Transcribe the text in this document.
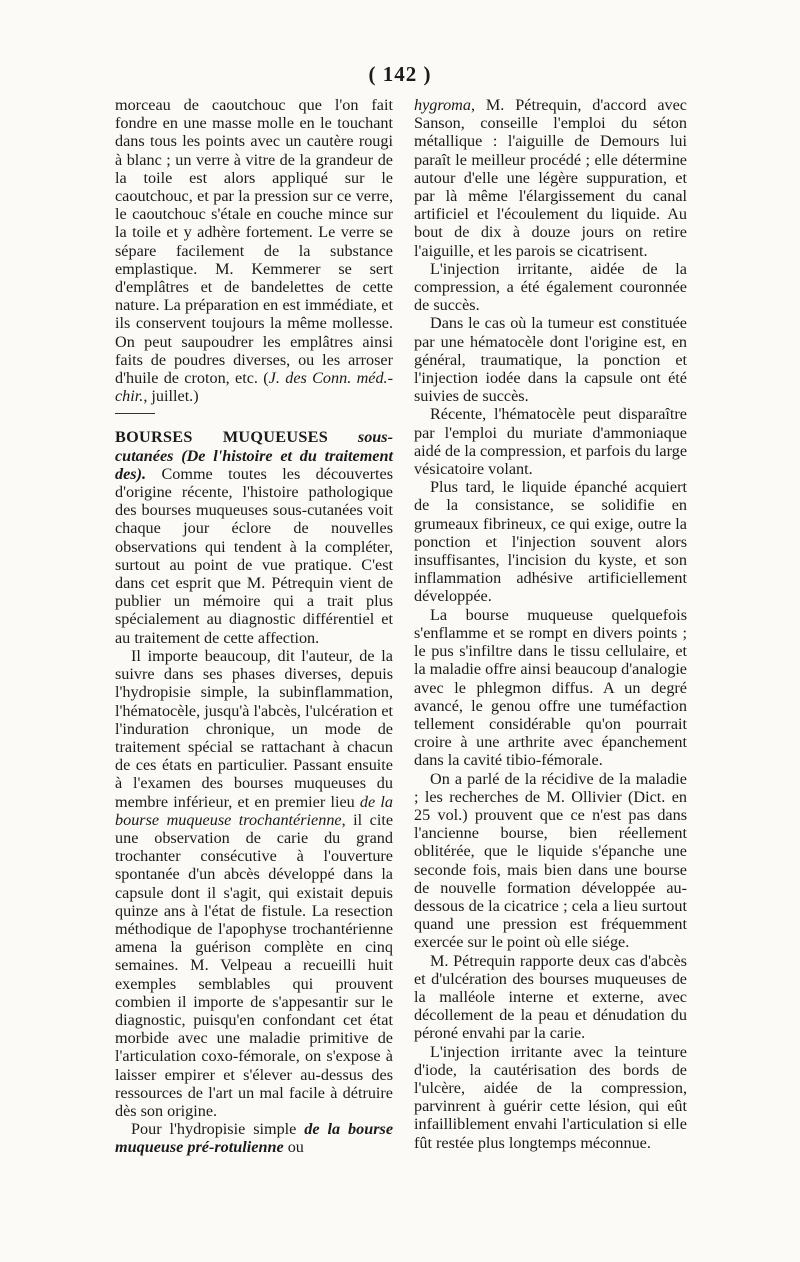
( 142 )

morceau de caoutchouc que l'on fait fondre en une masse molle en le touchant dans tous les points avec un cautère rougi à blanc ; un verre à vitre de la grandeur de la toile est alors appliqué sur le caoutchouc, et par la pression sur ce verre, le caoutchouc s'étale en couche mince sur la toile et y adhère fortement. Le verre se sépare facilement de la substance emplastique. M. Kemmerer se sert d'emplâtres et de bandelettes de cette nature. La préparation en est immédiate, et ils conservent toujours la même mollesse. On peut saupoudrer les emplâtres ainsi faits de poudres diverses, ou les arroser d'huile de croton, etc. (J. des Conn. méd.-chir., juillet.)

BOURSES MUQUEUSES sous-cutanées (De l'histoire et du traitement des). Comme toutes les découvertes d'origine récente, l'histoire pathologique des bourses muqueuses sous-cutanées voit chaque jour éclore de nouvelles observations qui tendent à la compléter, surtout au point de vue pratique. C'est dans cet esprit que M. Pétrequin vient de publier un mémoire qui a trait plus spécialement au diagnostic différentiel et au traitement de cette affection.

Il importe beaucoup, dit l'auteur, de la suivre dans ses phases diverses, depuis l'hydropisie simple, la subinflammation, l'hématocèle, jusqu'à l'abcès, l'ulcération et l'induration chronique, un mode de traitement spécial se rattachant à chacun de ces états en particulier. Passant ensuite à l'examen des bourses muqueuses du membre inférieur, et en premier lieu de la bourse muqueuse trochantérienne, il cite une observation de carie du grand trochanter consécutive à l'ouverture spontanée d'un abcès développé dans la capsule dont il s'agit, qui existait depuis quinze ans à l'état de fistule. La resection méthodique de l'apophyse trochantérienne amena la guérison complète en cinq semaines. M. Velpeau a recueilli huit exemples semblables qui prouvent combien il importe de s'appesantir sur le diagnostic, puisqu'en confondant cet état morbide avec une maladie primitive de l'articulation coxo-fémorale, on s'expose à laisser empirer et s'élever au-dessus des ressources de l'art un mal facile à détruire dès son origine.

Pour l'hydropisie simple de la bourse muqueuse pré-rotulienne ou

hygroma, M. Pétrequin, d'accord avec Sanson, conseille l'emploi du séton métallique : l'aiguille de Demours lui paraît le meilleur procédé ; elle détermine autour d'elle une légère suppuration, et par là même l'élargissement du canal artificiel et l'écoulement du liquide. Au bout de dix à douze jours on retire l'aiguille, et les parois se cicatrisent.

L'injection irritante, aidée de la compression, a été également couronnée de succès.

Dans le cas où la tumeur est constituée par une hématocèle dont l'origine est, en général, traumatique, la ponction et l'injection iodée dans la capsule ont été suivies de succès.

Récente, l'hématocèle peut disparaître par l'emploi du muriate d'ammoniaque aidé de la compression, et parfois du large vésicatoire volant.

Plus tard, le liquide épanché acquiert de la consistance, se solidifie en grumeaux fibrineux, ce qui exige, outre la ponction et l'injection souvent alors insuffisantes, l'incision du kyste, et son inflammation adhésive artificiellement développée.

La bourse muqueuse quelquefois s'enflamme et se rompt en divers points ; le pus s'infiltre dans le tissu cellulaire, et la maladie offre ainsi beaucoup d'analogie avec le phlegmon diffus. A un degré avancé, le genou offre une tuméfaction tellement considérable qu'on pourrait croire à une arthrite avec épanchement dans la cavité tibio-fémorale.

On a parlé de la récidive de la maladie ; les recherches de M. Ollivier (Dict. en 25 vol.) prouvent que ce n'est pas dans l'ancienne bourse, bien réellement oblitérée, que le liquide s'épanche une seconde fois, mais bien dans une bourse de nouvelle formation développée au-dessous de la cicatrice ; cela a lieu surtout quand une pression est fréquemment exercée sur le point où elle siége.

M. Pétrequin rapporte deux cas d'abcès et d'ulcération des bourses muqueuses de la malléole interne et externe, avec décollement de la peau et dénudation du péroné envahi par la carie.

L'injection irritante avec la teinture d'iode, la cautérisation des bords de l'ulcère, aidée de la compression, parvinrent à guérir cette lésion, qui eût infailliblement envahi l'articulation si elle fût restée plus longtemps méconnue.
